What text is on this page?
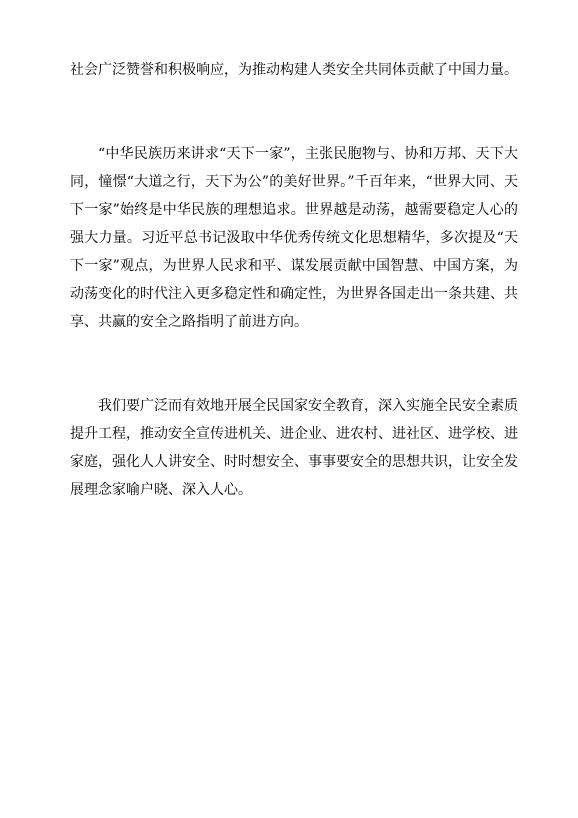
社会广泛赞誉和积极响应，为推动构建人类安全共同体贡献了中国力量。

“中华民族历来讲求“天下一家”，主张民胞物与、协和万邦、天下大同，憧憬“大道之行，天下为公”的美好世界。”千百年来，“世界大同、天下一家”始终是中华民族的理想追求。世界越是动荡，越需要稳定人心的强大力量。习近平总书记汲取中华优秀传统文化思想精华，多次提及“天下一家”观点，为世界人民求和平、谋发展贡献中国智慧、中国方案，为动荡变化的时代注入更多稳定性和确定性，为世界各国走出一条共建、共享、共赢的安全之路指明了前进方向。

我们要广泛而有效地开展全民国家安全教育，深入实施全民安全素质提升工程，推动安全宣传进机关、进企业、进农村、进社区、进学校、进家庭，强化人人讲安全、时时想安全、事事要安全的思想共识，让安全发展理念家喻户晓、深入人心。
